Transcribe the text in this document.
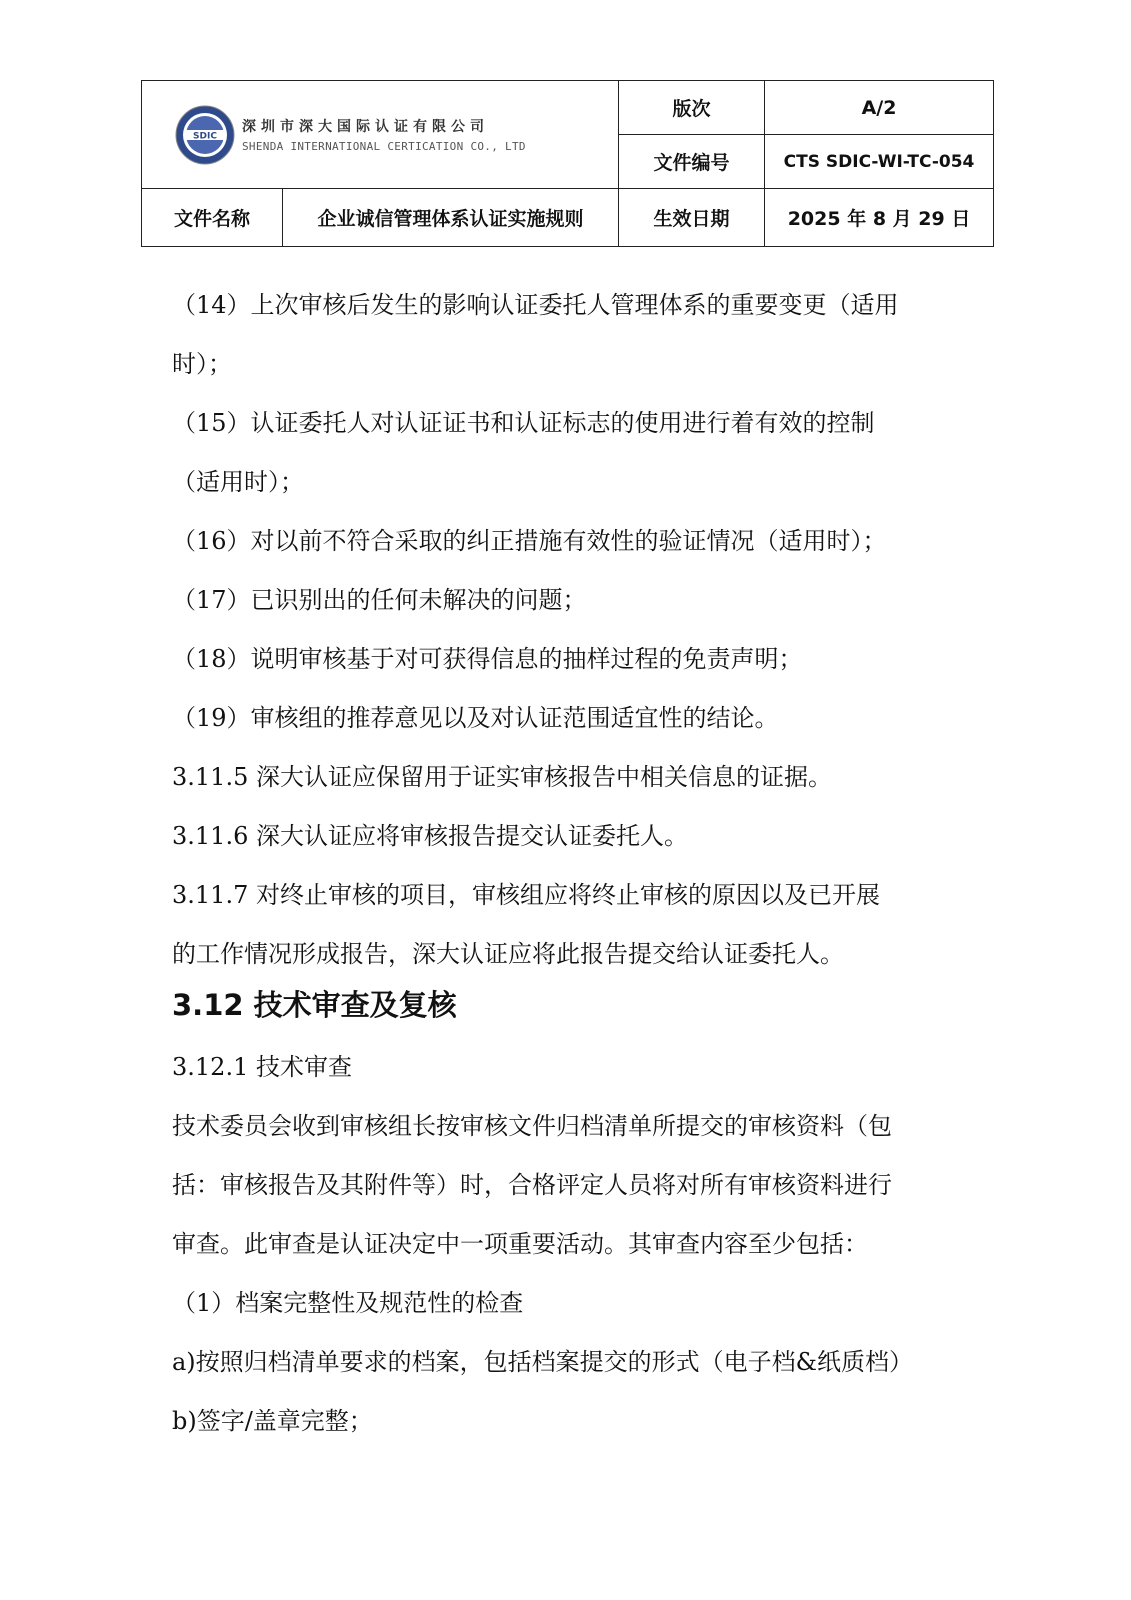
SDIC
深圳市深大国际认证有限公司
SHENDA INTERNATIONAL CERTICATION CO., LTD		版次	A/2
		文件编号	CTS SDIC-WI-TC-054
文件名称	企业诚信管理体系认证实施规则	生效日期	2025 年 8 月 29 日
（14）上次审核后发生的影响认证委托人管理体系的重要变更（适用
时）；
（15）认证委托人对认证证书和认证标志的使用进行着有效的控制
（适用时）；
（16）对以前不符合采取的纠正措施有效性的验证情况（适用时）；
（17）已识别出的任何未解决的问题；
（18）说明审核基于对可获得信息的抽样过程的免责声明；
（19）审核组的推荐意见以及对认证范围适宜性的结论。
3.11.5 深大认证应保留用于证实审核报告中相关信息的证据。
3.11.6 深大认证应将审核报告提交认证委托人。
3.11.7 对终止审核的项目，审核组应将终止审核的原因以及已开展
的工作情况形成报告，深大认证应将此报告提交给认证委托人。
3.12 技术审查及复核
3.12.1 技术审查
技术委员会收到审核组长按审核文件归档清单所提交的审核资料（包
括：审核报告及其附件等）时，合格评定人员将对所有审核资料进行
审查。此审查是认证决定中一项重要活动。其审查内容至少包括：
（1）档案完整性及规范性的检查
a)按照归档清单要求的档案，包括档案提交的形式（电子档&纸质档）
b)签字/盖章完整；
